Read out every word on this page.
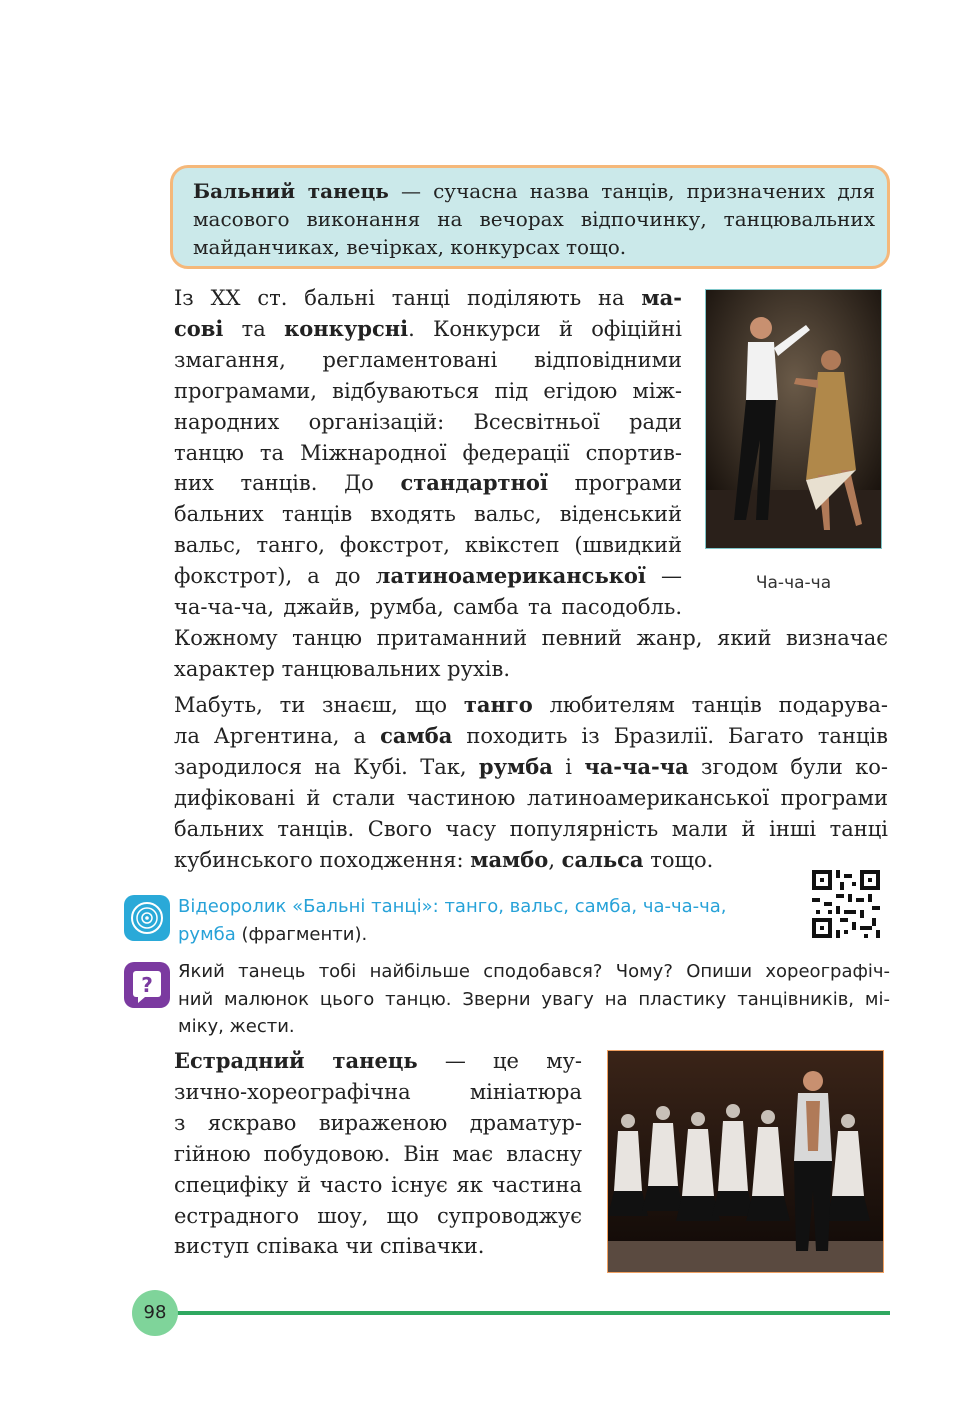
Бальний танець — сучасна назва танців, призначених для
масового виконання на вечорах відпочинку, танцювальних
майданчиках, вечірках, конкурсах тощо.
Із XX ст. бальні танці поділяють на ма-
сові та конкурсні. Конкурси й офіційні
змагання, регламентовані відповідними
програмами, відбуваються під егідою між-
народних організацій: Всесвітньої ради
танцю та Міжнародної федерації спортив-
них танців. До стандартної програми
бальних танців входять вальс, віденський
вальс, танго, фокстрот, квікстеп (швидкий
фокстрот), а до латиноамериканської —
ча-ча-ча, джайв, румба, самба та пасодобль.
Кожному танцю притаманний певний жанр, який визначає
характер танцювальних рухів.
Ча-ча-ча
Мабуть, ти знаєш, що танго любителям танців подарува-
ла Аргентина, а самба походить із Бразилії. Багато танців
зародилося на Кубі. Так, румба і ча-ча-ча згодом були ко-
дифіковані й стали частиною латиноамериканської програми
бальних танців. Свого часу популярність мали й інші танці
кубинського походження: мамбо, сальса тощо.
Відеоролик «Бальні танці»: танго, вальс, самба, ча-ча-ча,
румба (фрагменти).
?
Який танець тобі найбільше сподобався? Чому? Опиши хореографіч-
ний малюнок цього танцю. Зверни увагу на пластику танцівників, мі-
міку, жести.
Естрадний танець — це му-
зично-хореографічна мініатюра
з яскраво вираженою драматур-
гійною побудовою. Він має власну
специфіку й часто існує як частина
естрадного шоу, що супроводжує
виступ співака чи співачки.
98
